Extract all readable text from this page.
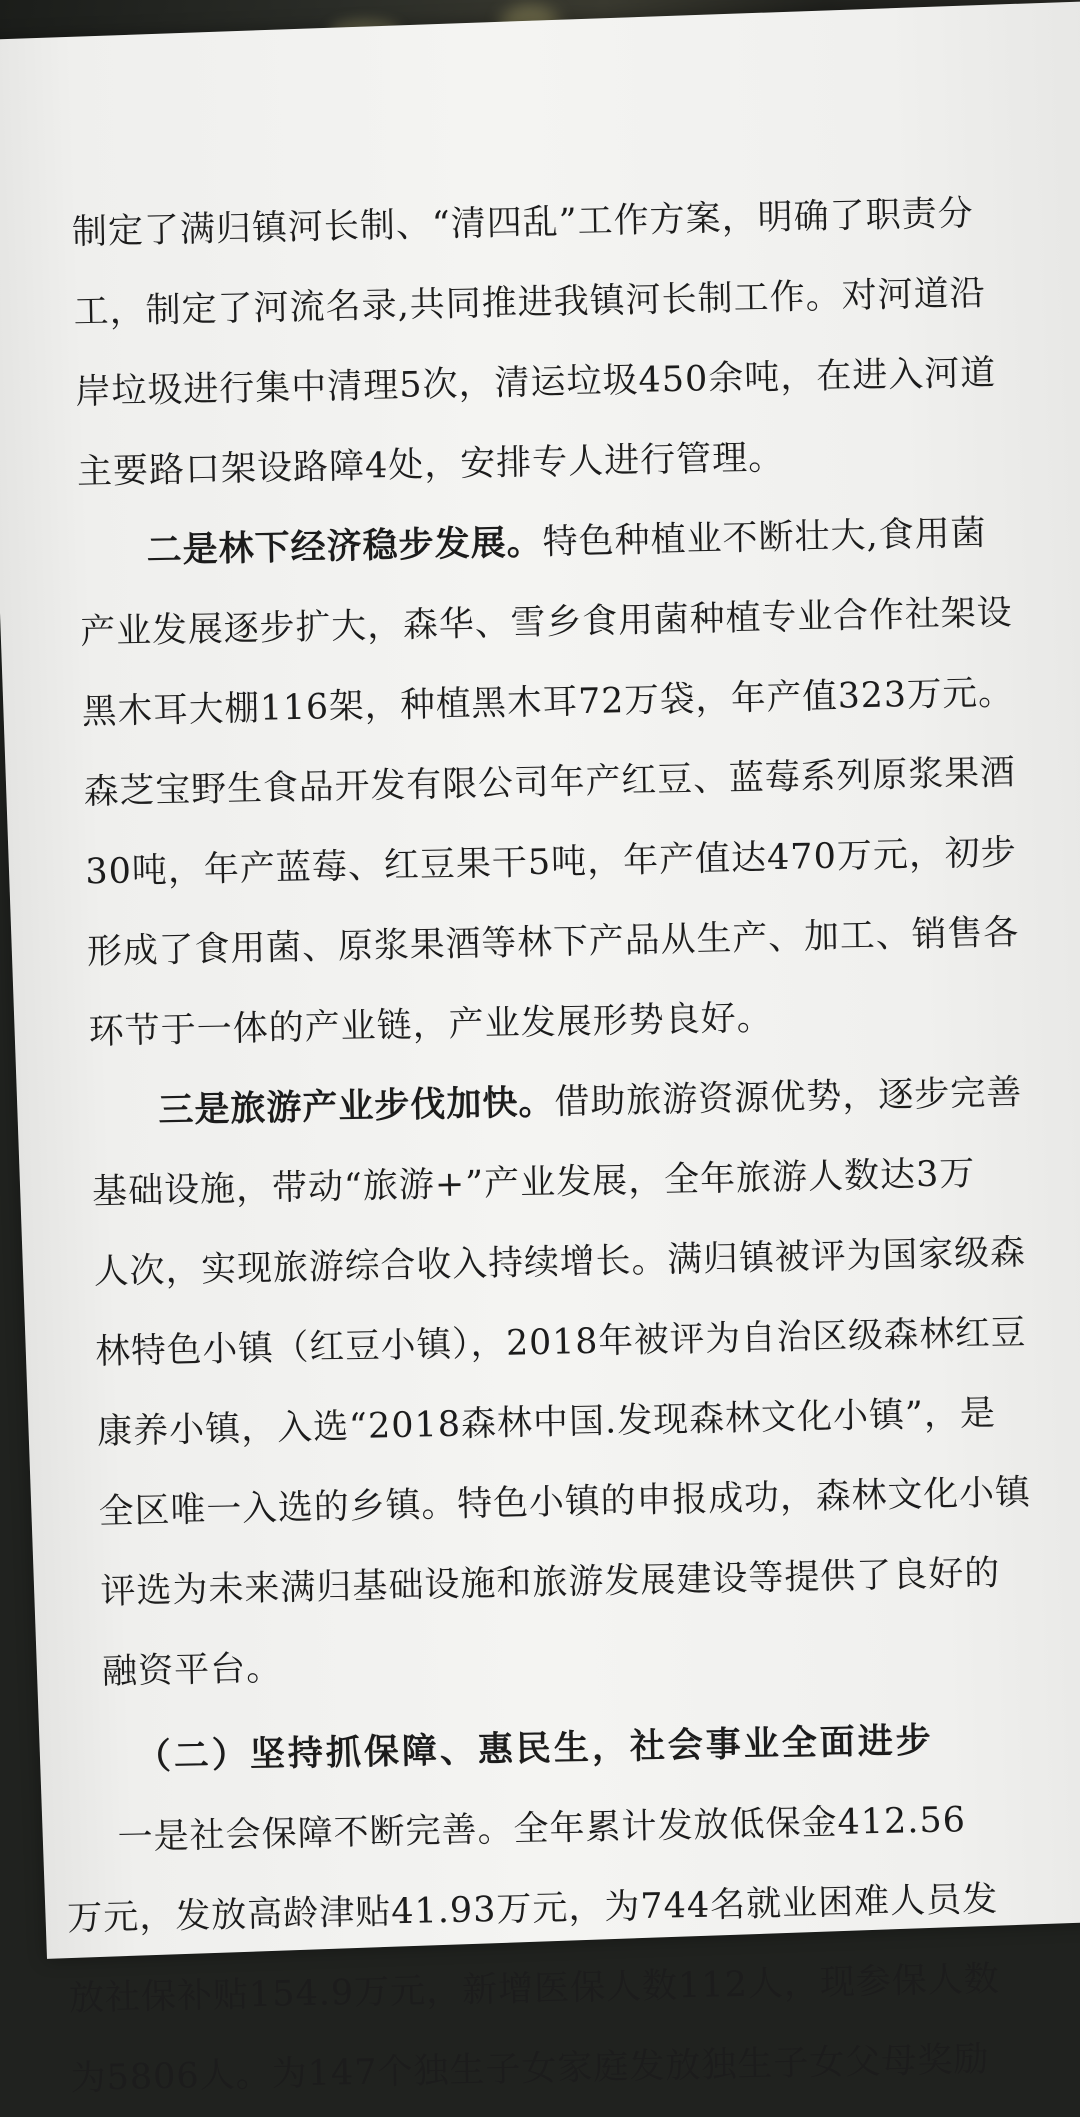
制定了满归镇河长制、“清四乱”工作方案，明确了职责分
工，制定了河流名录,共同推进我镇河长制工作。对河道沿
岸垃圾进行集中清理5次，清运垃圾450余吨，在进入河道
主要路口架设路障4处，安排专人进行管理。
二是林下经济稳步发展。特色种植业不断壮大,食用菌
产业发展逐步扩大，森华、雪乡食用菌种植专业合作社架设
黑木耳大棚116架，种植黑木耳72万袋，年产值323万元。
森芝宝野生食品开发有限公司年产红豆、蓝莓系列原浆果酒
30吨，年产蓝莓、红豆果干5吨，年产值达470万元，初步
形成了食用菌、原浆果酒等林下产品从生产、加工、销售各
环节于一体的产业链，产业发展形势良好。
三是旅游产业步伐加快。借助旅游资源优势，逐步完善
基础设施，带动“旅游+”产业发展，全年旅游人数达3万
人次，实现旅游综合收入持续增长。满归镇被评为国家级森
林特色小镇（红豆小镇），2018年被评为自治区级森林红豆
康养小镇，入选“2018森林中国.发现森林文化小镇”，是
全区唯一入选的乡镇。特色小镇的申报成功，森林文化小镇
评选为未来满归基础设施和旅游发展建设等提供了良好的
融资平台。
（二）坚持抓保障、惠民生，社会事业全面进步
一是社会保障不断完善。全年累计发放低保金412.56
万元，发放高龄津贴41.93万元，为744名就业困难人员发
放社保补贴154.9万元，新增医保人数112人，现参保人数
为5806人。为147个独生子女家庭发放独生子女父母奖励
